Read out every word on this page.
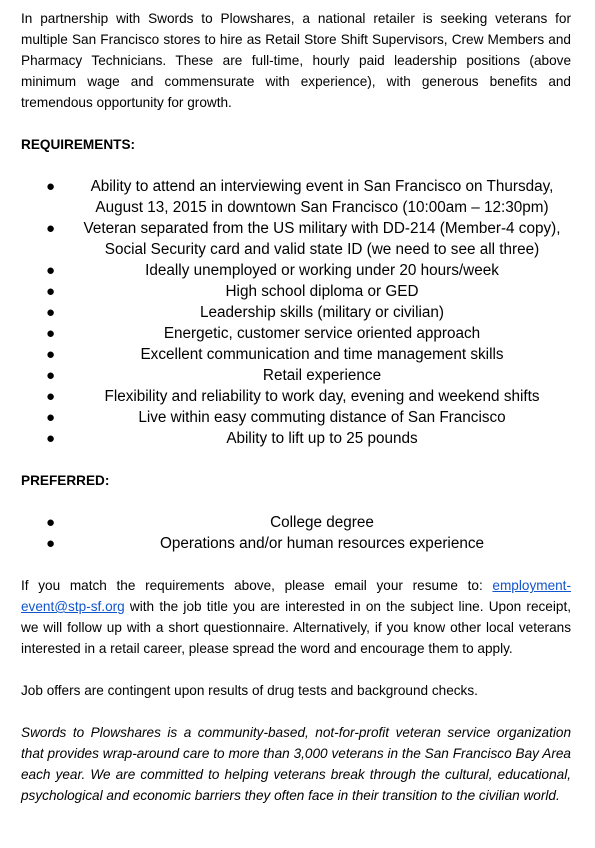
In partnership with Swords to Plowshares, a national retailer is seeking veterans for multiple San Francisco stores to hire as Retail Store Shift Supervisors, Crew Members and Pharmacy Technicians. These are full-time, hourly paid leadership positions (above minimum wage and commensurate with experience), with generous benefits and tremendous opportunity for growth.

REQUIREMENTS:

● Ability to attend an interviewing event in San Francisco on Thursday, August 13, 2015 in downtown San Francisco (10:00am – 12:30pm)
● Veteran separated from the US military with DD-214 (Member-4 copy), Social Security card and valid state ID (we need to see all three)
●	Ideally unemployed or working under 20 hours/week
●	High school diploma or GED
●	Leadership skills (military or civilian)
●	Energetic, customer service oriented approach
●	Excellent communication and time management skills
●	Retail experience
●	Flexibility and reliability to work day, evening and weekend shifts
●	Live within easy commuting distance of San Francisco
●	Ability to lift up to 25 pounds

PREFERRED:

●	College degree
●	Operations and/or human resources experience

If you match the requirements above, please email your resume to: employment-event@stp-sf.org with the job title you are interested in on the subject line. Upon receipt, we will follow up with a short questionnaire. Alternatively, if you know other local veterans interested in a retail career, please spread the word and encourage them to apply.

Job offers are contingent upon results of drug tests and background checks.

Swords to Plowshares is a community-based, not-for-profit veteran service organization that provides wrap-around care to more than 3,000 veterans in the San Francisco Bay Area each year. We are committed to helping veterans break through the cultural, educational, psychological and economic barriers they often face in their transition to the civilian world.
